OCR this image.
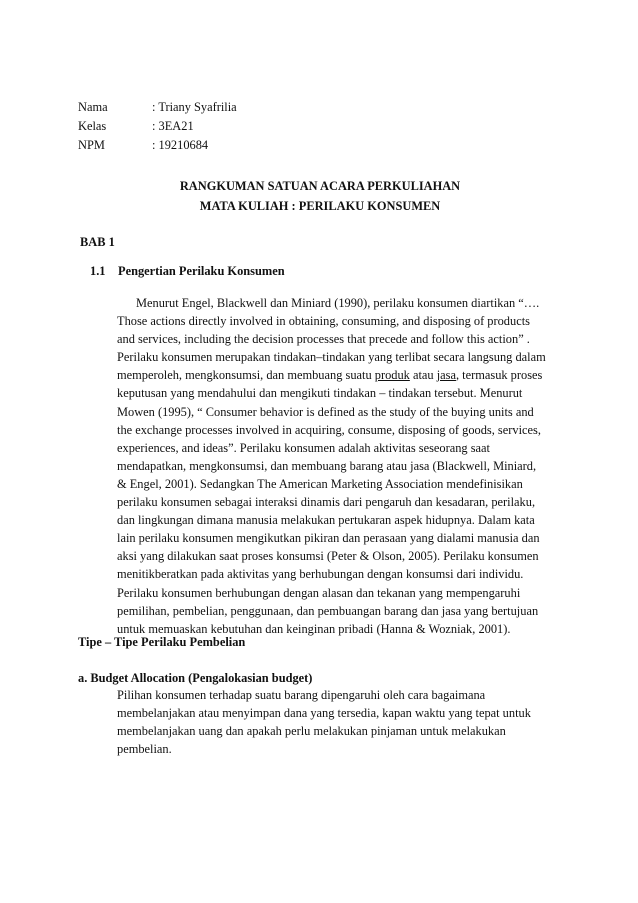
Nama	: Triany Syafrilia
Kelas	: 3EA21
NPM	: 19210684
RANGKUMAN SATUAN ACARA PERKULIAHAN
MATA KULIAH : PERILAKU KONSUMEN
BAB 1
1.1 Pengertian Perilaku Konsumen
Menurut Engel, Blackwell dan Miniard (1990), perilaku konsumen diartikan “….
Those actions directly involved in obtaining, consuming, and disposing of products
and services, including the decision processes that precede and follow this action” .
Perilaku konsumen merupakan tindakan–tindakan yang terlibat secara langsung dalam
memperoleh, mengkonsumsi, dan membuang suatu produk atau jasa, termasuk proses
keputusan yang mendahului dan mengikuti tindakan – tindakan tersebut. Menurut
Mowen (1995), “ Consumer behavior is defined as the study of the buying units and
the exchange processes involved in acquiring, consume, disposing of goods, services,
experiences, and ideas”. Perilaku konsumen adalah aktivitas seseorang saat
mendapatkan, mengkonsumsi, dan membuang barang atau jasa (Blackwell, Miniard,
& Engel, 2001). Sedangkan The American Marketing Association mendefinisikan
perilaku konsumen sebagai interaksi dinamis dari pengaruh dan kesadaran, perilaku,
dan lingkungan dimana manusia melakukan pertukaran aspek hidupnya. Dalam kata
lain perilaku konsumen mengikutkan pikiran dan perasaan yang dialami manusia dan
aksi yang dilakukan saat proses konsumsi (Peter & Olson, 2005). Perilaku konsumen
menitikberatkan pada aktivitas yang berhubungan dengan konsumsi dari individu.
Perilaku konsumen berhubungan dengan alasan dan tekanan yang mempengaruhi
pemilihan, pembelian, penggunaan, dan pembuangan barang dan jasa yang bertujuan
untuk memuaskan kebutuhan dan keinginan pribadi (Hanna & Wozniak, 2001).
Tipe – Tipe Perilaku Pembelian
a. Budget Allocation (Pengalokasian budget)
Pilihan konsumen terhadap suatu barang dipengaruhi oleh cara bagaimana
membelanjakan atau menyimpan dana yang tersedia, kapan waktu yang tepat untuk
membelanjakan uang dan apakah perlu melakukan pinjaman untuk melakukan
pembelian.
